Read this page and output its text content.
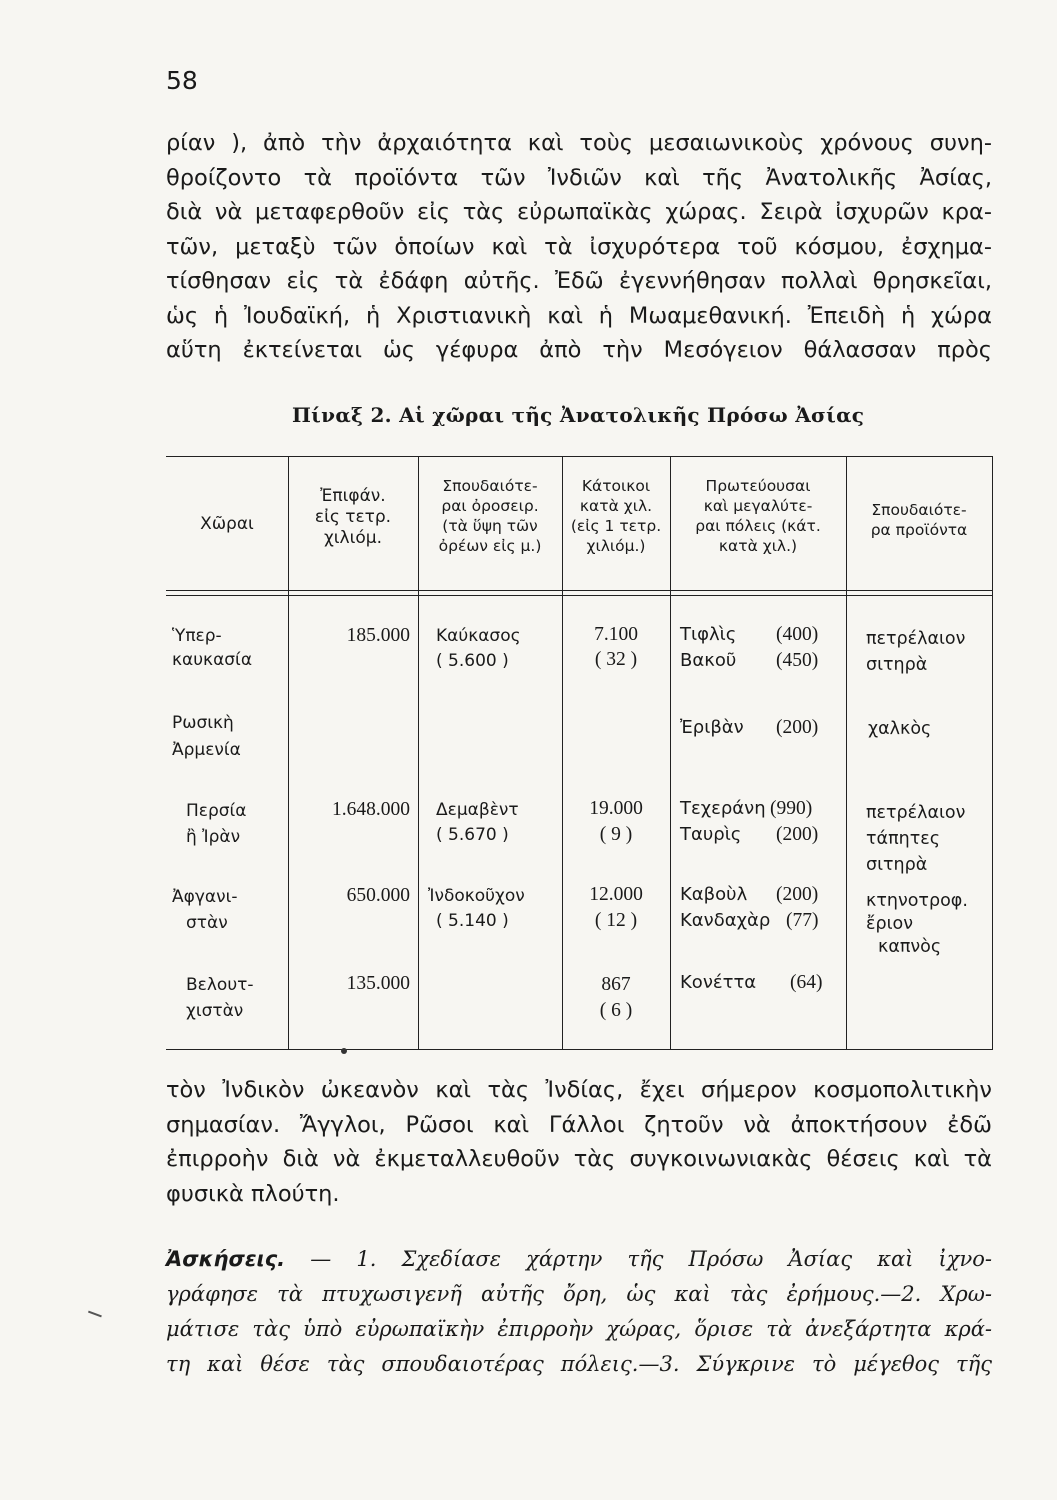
58
ρίαν ), ἀπὸ τὴν ἀρχαιότητα καὶ τοὺς μεσαιωνικοὺς χρόνους συνη-
θροίζοντο τὰ προϊόντα τῶν Ἰνδιῶν καὶ τῆς Ἀνατολικῆς Ἀσίας,
διὰ νὰ μεταφερθοῦν εἰς τὰς εὐρωπαϊκὰς χώρας. Σειρὰ ἰσχυρῶν κρα-
τῶν, μεταξὺ τῶν ὁποίων καὶ τὰ ἰσχυρότερα τοῦ κόσμου, ἐσχημα-
τίσθησαν εἰς τὰ ἐδάφη αὐτῆς. Ἐδῶ ἐγεννήθησαν πολλαὶ θρησκεῖαι,
ὡς ἡ Ἰουδαϊκή, ἡ Χριστιανικὴ καὶ ἡ Μωαμεθανική. Ἐπειδὴ ἡ χώρα
αὕτη ἐκτείνεται ὡς γέφυρα ἀπὸ τὴν Μεσόγειον θάλασσαν πρὸς
Πίναξ 2. Αἱ χῶραι τῆς Ἀνατολικῆς Πρόσω Ἀσίας
Χῶραι
Ἐπιφάν.
εἰς τετρ.
χιλιόμ.
Σπουδαιότε-
ραι ὀροσειρ.
(τὰ ὕψη τῶν
ὀρέων εἰς μ.)
Κάτοικοι
κατὰ χιλ.
(εἰς 1 τετρ.
χιλιόμ.)
Πρωτεύουσαι
καὶ μεγαλύτε-
ραι πόλεις (κάτ.
κατὰ χιλ.)
Σπουδαιότε-
ρα προϊόντα
Ὑπερ-
καυκασία
185.000 Καύκασος
( 5.600 )
7.100
( 32 )
Τιφλὶς (400)
Βακοῦ (450)
πετρέλαιον
σιτηρὰ
Ρωσικὴ
Ἀρμενία
Ἐριβὰν (200)	χαλκὸς
Περσία
ἢ Ἰρὰν
1.648.000 Δεμαβὲντ
( 5.670 )
19.000
( 9 )
Τεχεράνη (990)
Ταυρὶς (200)
πετρέλαιον
τάπητες
σιτηρὰ
Ἀφγανι-
στὰν
650.000 Ἰνδοκοῦχον
( 5.140 )
12.000
( 12 )
Καβοὺλ (200)
Κανδαχὰρ (77)
κτηνοτροφ.
ἔριον
καπνὸς
Βελουτ-
χιστὰν
135.000	867
( 6 )
Κονέττα (64)
τὸν Ἰνδικὸν ὠκεανὸν καὶ τὰς Ἰνδίας, ἔχει σήμερον κοσμοπολιτικὴν
σημασίαν. Ἄγγλοι, Ρῶσοι καὶ Γάλλοι ζητοῦν νὰ ἀποκτήσουν ἐδῶ
ἐπιρροὴν διὰ νὰ ἐκμεταλλευθοῦν τὰς συγκοινωνιακὰς θέσεις καὶ τὰ
φυσικὰ πλούτη.
Ἀσκήσεις. — 1. Σχεδίασε χάρτην τῆς Πρόσω Ἀσίας καὶ ἰχνο-
γράφησε τὰ πτυχωσιγενῆ αὐτῆς ὄρη, ὡς καὶ τὰς ἐρήμους.—2. Χρω-
μάτισε τὰς ὑπὸ εὐρωπαϊκὴν ἐπιρροὴν χώρας, ὅρισε τὰ ἀνεξάρτητα κρά-
τη καὶ θέσε τὰς σπουδαιοτέρας πόλεις.—3. Σύγκρινε τὸ μέγεθος τῆς
